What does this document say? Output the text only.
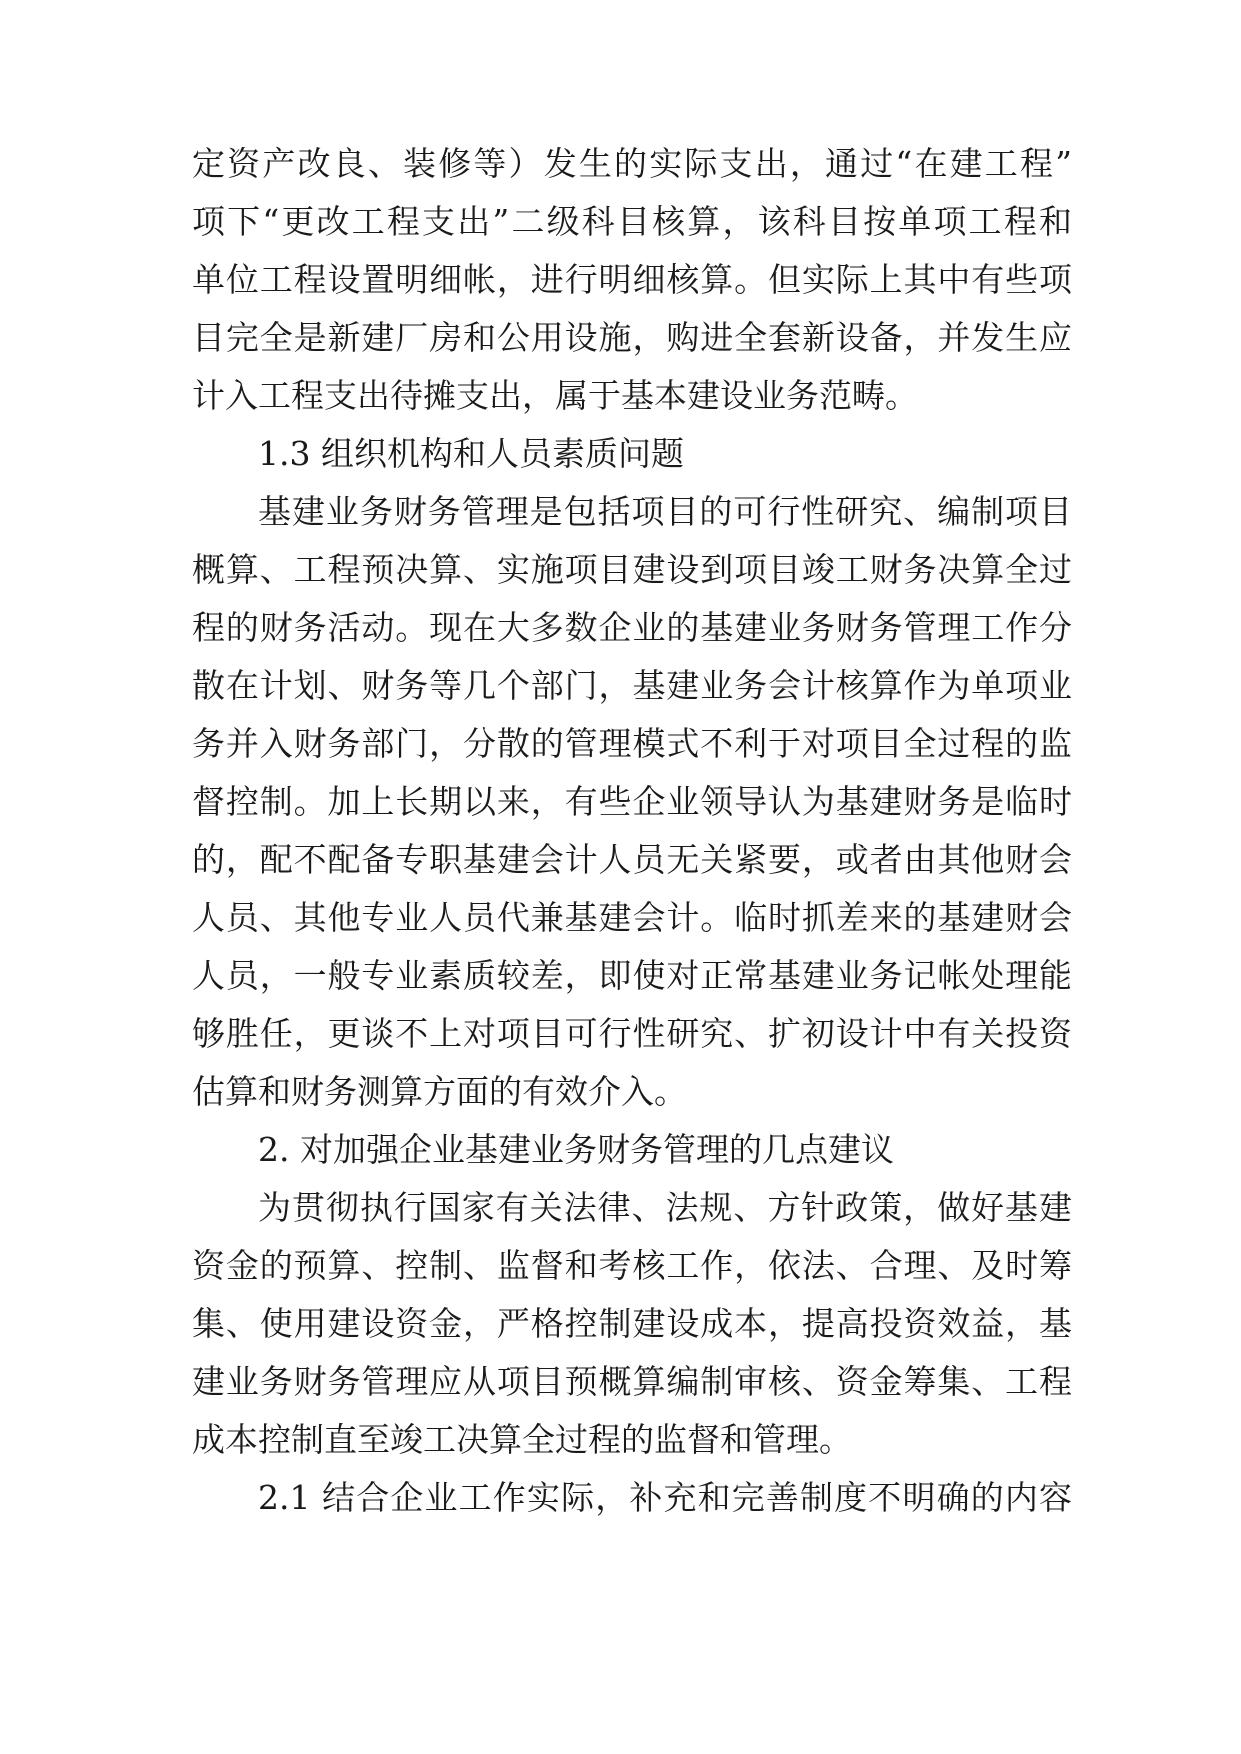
定资产改良、装修等）发生的实际支出，通过“在建工程”
项下“更改工程支出”二级科目核算，该科目按单项工程和
单位工程设置明细帐，进行明细核算。但实际上其中有些项
目完全是新建厂房和公用设施，购进全套新设备，并发生应
计入工程支出待摊支出，属于基本建设业务范畴。
1.3 组织机构和人员素质问题
基建业务财务管理是包括项目的可行性研究、编制项目
概算、工程预决算、实施项目建设到项目竣工财务决算全过
程的财务活动。现在大多数企业的基建业务财务管理工作分
散在计划、财务等几个部门，基建业务会计核算作为单项业
务并入财务部门，分散的管理模式不利于对项目全过程的监
督控制。加上长期以来，有些企业领导认为基建财务是临时
的，配不配备专职基建会计人员无关紧要，或者由其他财会
人员、其他专业人员代兼基建会计。临时抓差来的基建财会
人员，一般专业素质较差，即使对正常基建业务记帐处理能
够胜任，更谈不上对项目可行性研究、扩初设计中有关投资
估算和财务测算方面的有效介入。
2. 对加强企业基建业务财务管理的几点建议
为贯彻执行国家有关法律、法规、方针政策，做好基建
资金的预算、控制、监督和考核工作，依法、合理、及时筹
集、使用建设资金，严格控制建设成本，提高投资效益，基
建业务财务管理应从项目预概算编制审核、资金筹集、工程
成本控制直至竣工决算全过程的监督和管理。
2.1 结合企业工作实际，补充和完善制度不明确的内容
